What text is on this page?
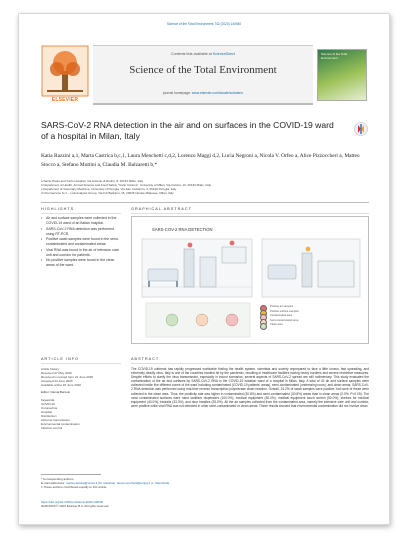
Science of the Total Environment 742 (2020) 140540
ELSEVIER
Contents lists available at ScienceDirect
Science of the Total Environment
journal homepage: www.elsevier.com/locate/scitotenv
Science of the Total Environment
SARS-CoV-2 RNA detection in the air and on surfaces in the COVID-19 ward of a hospital in Milan, Italy
Katia Razzini a,1, Marta Castrica b,c,1, Laura Menchetti c,d,2, Lorenzo Maggi d,2, Lucia Negroni a, Nicola V. Orfeo a, Alice Pizzoccheri a, Matteo Stocco a, Stefano Muttini a, Claudia M. Balzaretti b,*
a Santo Paolo and Carlo Hospital, Via Antonio di Rudini, 8, 20142 Milan, Italy
b Department of Health, Animal Science and Food Safety "Carlo Cantoni", University of Milan, Via Celoria, 10, 20133 Milan, Italy
c Department of Veterinary Medicine, University of Perugia, Via San Costanzo, 4, 06126 Perugia, Italy
d Chemservice S.r.l. - Lab Analysis Group, Via F.lli Beltrami, 15, 20026 Novate Milanese, Milan, Italy
HIGHLIGHTS	GRAPHICAL ABSTRACT
• Air and surface samples were collected in the COVID-19 ward of an Italian hospital.
• SARS-CoV-2 RNA detection was performed using RT-PCR.
• Positive swab samples were found in the semi-contaminated and contaminated areas.
• Viral RNA was found in the air of intensive care unit and corridor for patients.
• No positive samples were found in the clean areas of the ward.
SARS-COV-2 RNA DETECTION
Positive air samples
Positive surface samples
Contaminated area
Semi-contaminated area
Clean area
ARTICLE INFO	ABSTRACT
Article history:
Received 27 May 2020
Received in revised form 24 June 2020
Accepted 24 June 2020
Available online 26 June 2020
Editor: Damia Barcelo
Keywords:
COVID-19
Coronavirus
Hospital
Disinfection
Airborne transmission
Environmental contamination
Infection control
The COVID-19 outbreak has rapidly progressed worldwide finding the health system, scientists and society unprepared to face a little known, fast spreading, and extremely deadly virus. Italy is one of the countries hardest hit by the pandemic, resulting in healthcare facilities having heavy burdens and severe restrictive measures. Despite efforts to clarify the virus transmission, especially in indoor scenarios, several aspects of SARS-CoV-2 spread are still rudimentary. This study evaluated the contamination of the air and surfaces by SARS-CoV-2 RNA in the COVID-19 isolation ward of a hospital in Milan, Italy. A total of 42 air and surface samples were collected inside five different zones of the ward including contaminated (COVID-19 patients' areas), semi-contaminated (undressing room), and clean areas. SARS-CoV-2 RNA detection was performed using real-time reverse transcription polymerase chain reaction. Overall, 24.2% of swab samples were positive, but none of these were collected in the clean area. Thus, the positivity rate was higher in contaminated (30.8%) and semi-contaminated (30.8%) areas than in clean areas (0.0%; P<0.05). The most contaminated surfaces were hand sanitizer dispensers (100.0%), medical equipment (50.0%), medical equipment touch screen (50.0%), shelves for medical equipment (40.0%), bedrails (33.3%), and door handles (25.0%). All the air samples collected from the contaminated area, namely the intensive care unit and corridor, were positive while viral RNA was not detected in other semi-contaminated or clean areas. These results showed that environmental contamination did not involve clean
* Corresponding authors.
E-mail addresses: marta.castrica@unimi.it (M. Castrica), laura.menchetti@unipg.it (L. Menchetti).
1 These authors contributed equally to this article.
https://doi.org/10.1016/j.scitotenv.2020.140540
0048-9697/© 2020 Elsevier B.V. All rights reserved.
